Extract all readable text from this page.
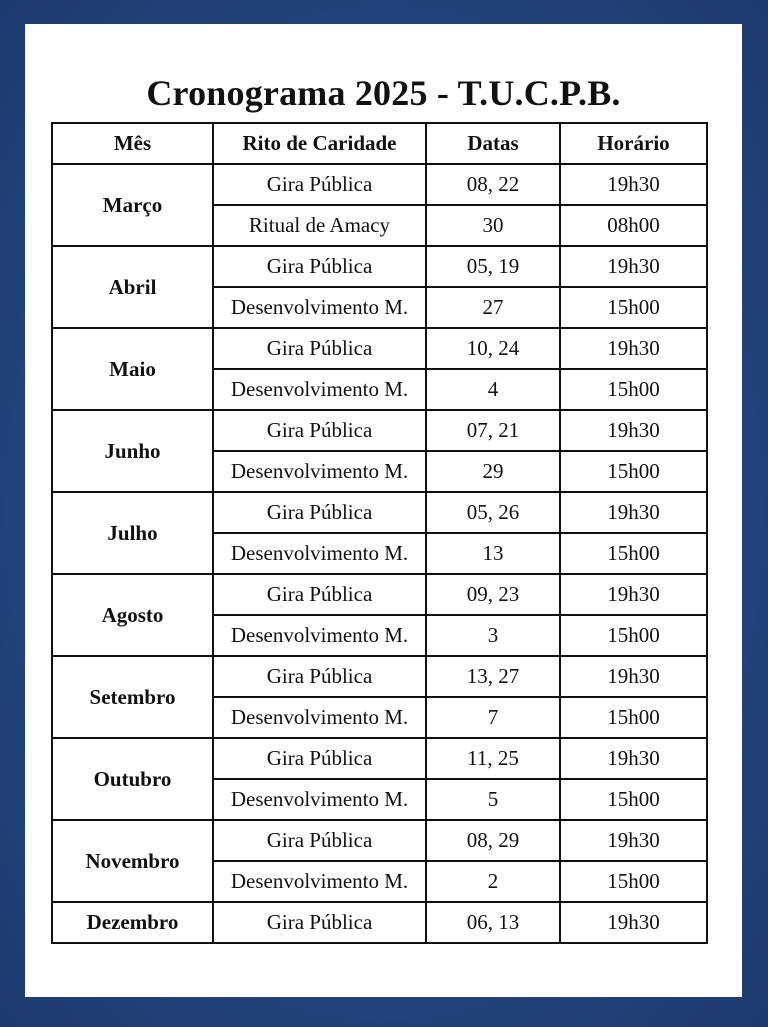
Cronograma 2025 - T.U.C.P.B.
Mês	Rito de Caridade	Datas	Horário
Março	Gira Pública	08, 22	19h30
	Ritual de Amacy	30	08h00
Abril	Gira Pública	05, 19	19h30
	Desenvolvimento M.	27	15h00
Maio	Gira Pública	10, 24	19h30
	Desenvolvimento M.	4	15h00
Junho	Gira Pública	07, 21	19h30
	Desenvolvimento M.	29	15h00
Julho	Gira Pública	05, 26	19h30
	Desenvolvimento M.	13	15h00
Agosto	Gira Pública	09, 23	19h30
	Desenvolvimento M.	3	15h00
Setembro	Gira Pública	13, 27	19h30
	Desenvolvimento M.	7	15h00
Outubro	Gira Pública	11, 25	19h30
	Desenvolvimento M.	5	15h00
Novembro	Gira Pública	08, 29	19h30
	Desenvolvimento M.	2	15h00
Dezembro	Gira Pública	06, 13	19h30
